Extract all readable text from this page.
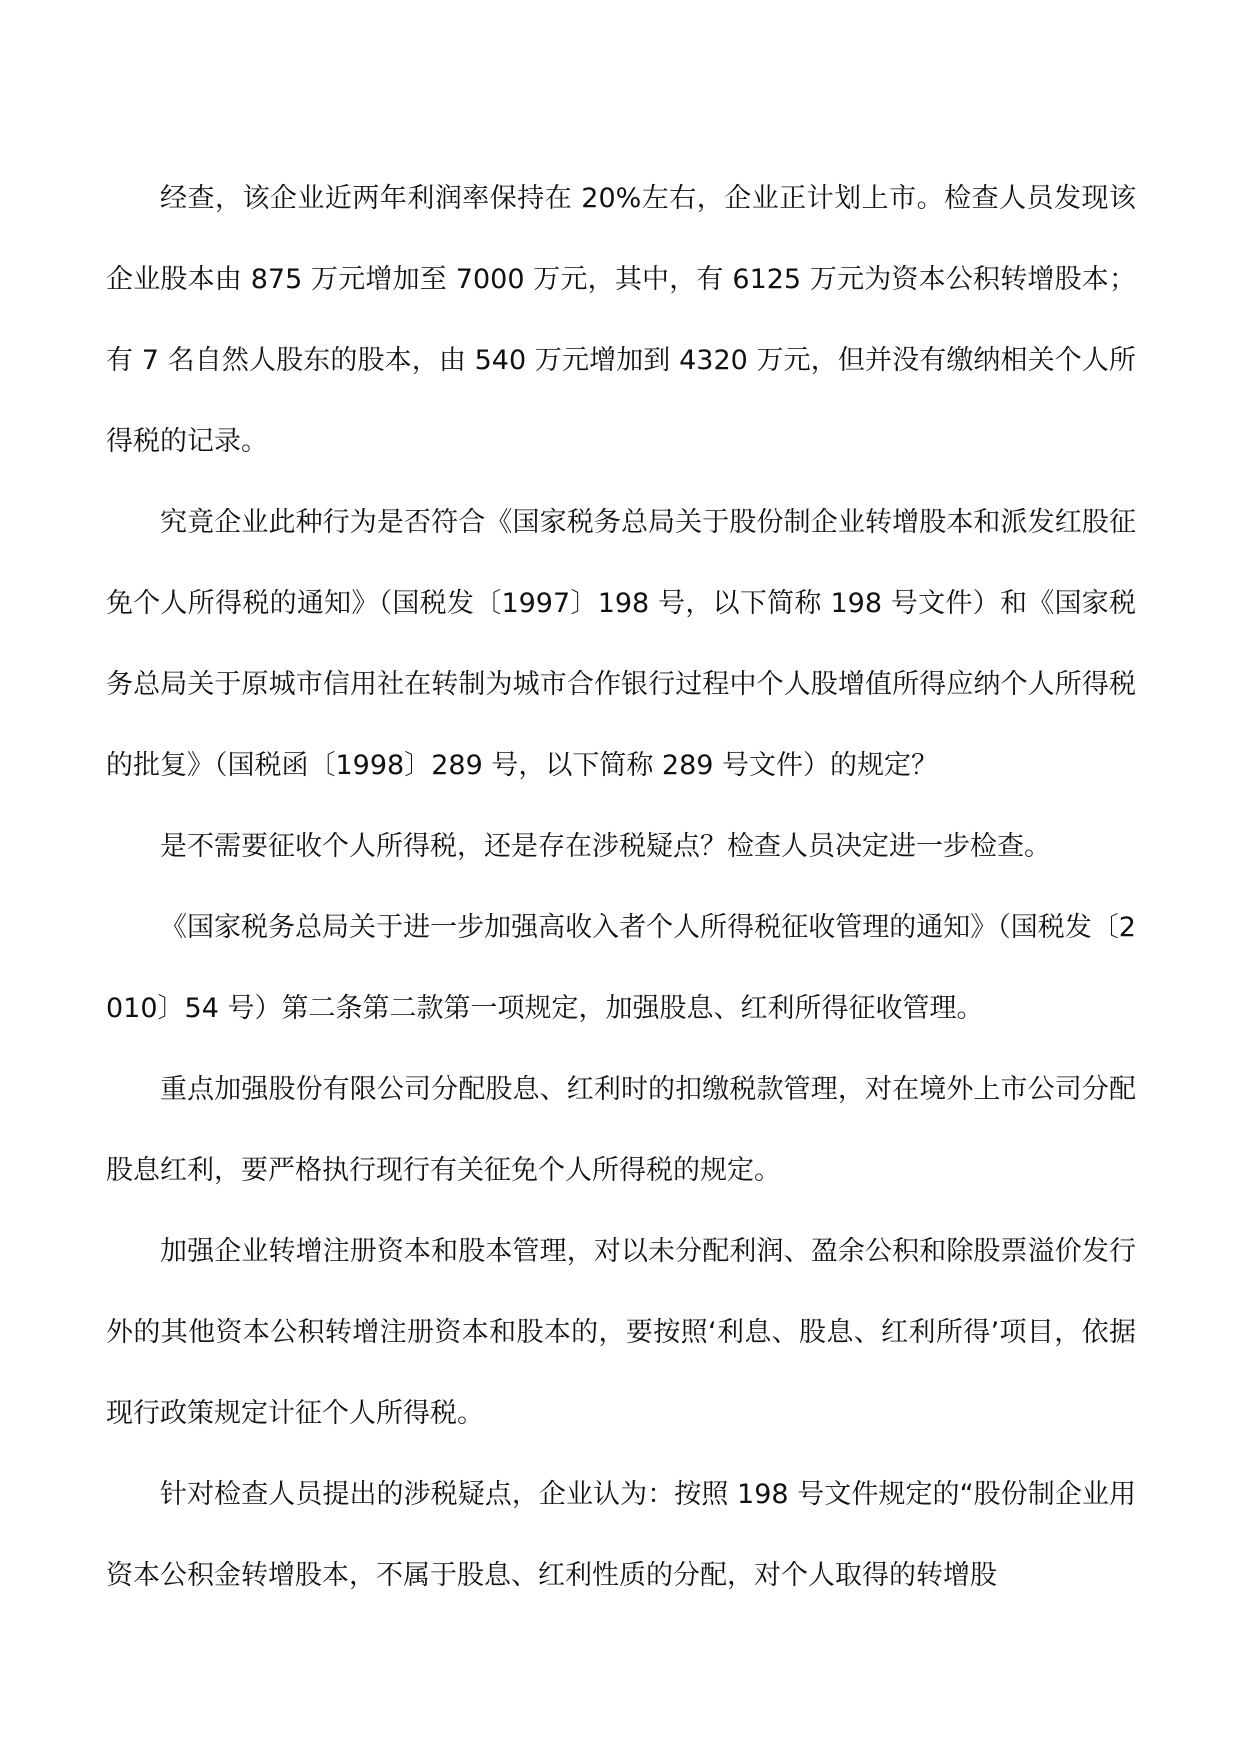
经查，该企业近两年利润率保持在 20%左右，企业正计划上市。检查人员发现该企业股本由 875 万元增加至 7000 万元，其中，有 6125 万元为资本公积转增股本；有 7 名自然人股东的股本，由 540 万元增加到 4320 万元，但并没有缴纳相关个人所得税的记录。

究竟企业此种行为是否符合《国家税务总局关于股份制企业转增股本和派发红股征免个人所得税的通知》（国税发〔1997〕198 号，以下简称 198 号文件）和《国家税务总局关于原城市信用社在转制为城市合作银行过程中个人股增值所得应纳个人所得税的批复》（国税函〔1998〕289 号，以下简称 289 号文件）的规定？

是不需要征收个人所得税，还是存在涉税疑点？检查人员决定进一步检查。

《国家税务总局关于进一步加强高收入者个人所得税征收管理的通知》（国税发〔2010〕54 号）第二条第二款第一项规定，加强股息、红利所得征收管理。

重点加强股份有限公司分配股息、红利时的扣缴税款管理，对在境外上市公司分配股息红利，要严格执行现行有关征免个人所得税的规定。

加强企业转增注册资本和股本管理，对以未分配利润、盈余公积和除股票溢价发行外的其他资本公积转增注册资本和股本的，要按照‘利息、股息、红利所得’项目，依据现行政策规定计征个人所得税。

针对检查人员提出的涉税疑点，企业认为：按照 198 号文件规定的“股份制企业用资本公积金转增股本，不属于股息、红利性质的分配，对个人取得的转增股
